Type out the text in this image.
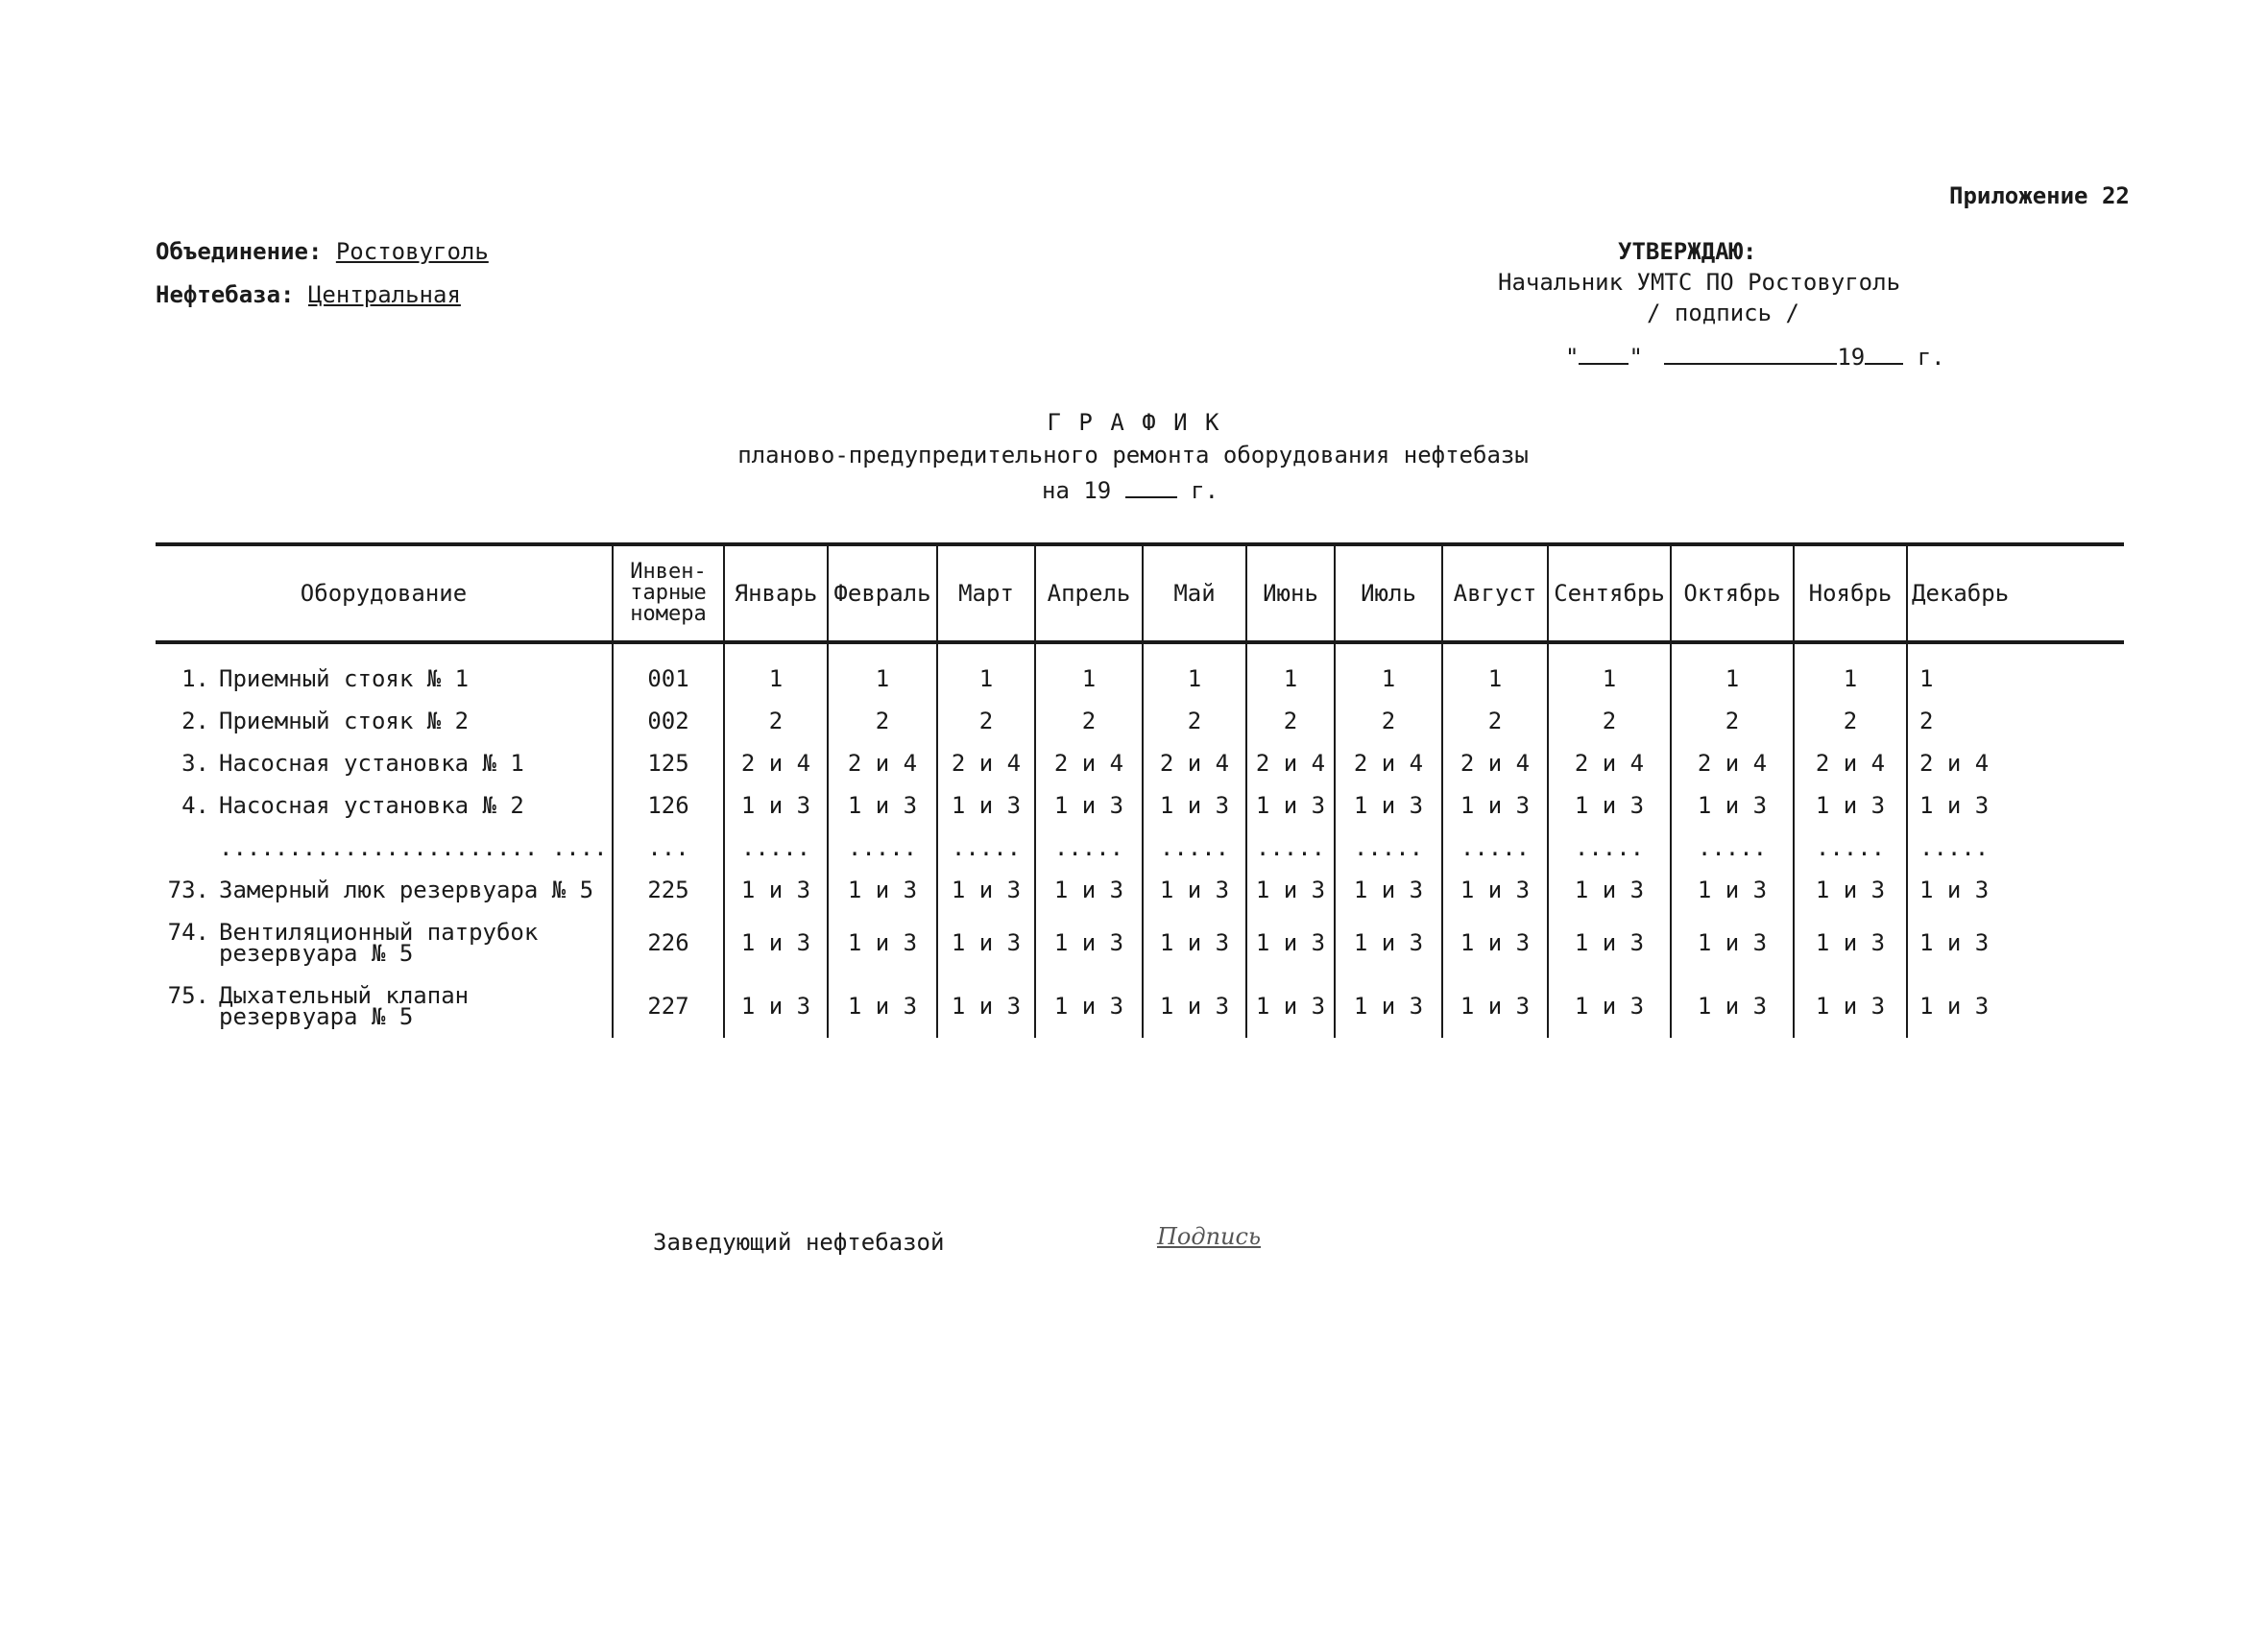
Приложение 22
Объединение: Ростовуголь
Нефтебаза: Центральная
УТВЕРЖДАЮ:
Начальник УМТС ПО Ростовуголь
/ подпись /
" "	19 г.
Г Р А Ф И К
планово-предупредительного ремонта оборудования нефтебазы
на 19	г.
Оборудование	Инвен-
тарные
номера	Январь	Февраль	Март	Апрель	Май	Июнь	Июль	Август	Сентябрь	Октябрь	Ноябрь	Декабрь
1. Приемный стояк № 1	001	1	1	1	1	1	1	1	1	1	1	1	1
2. Приемный стояк № 2	002	2	2	2	2	2	2	2	2	2	2	2	2
3. Насосная установка № 1	125	2 и 4	2 и 4	2 и 4	2 и 4	2 и 4	2 и 4	2 и 4	2 и 4	2 и 4	2 и 4	2 и 4	2 и 4
4. Насосная установка № 2	126	1 и 3	1 и 3	1 и 3	1 и 3	1 и 3	1 и 3	1 и 3	1 и 3	1 и 3	1 и 3	1 и 3	1 и 3
....................... ....	...	.....	.....	.....	.....	.....	.....	.....	.....	.....	.....	.....	.....
73. Замерный люк резервуара № 5	225	1 и 3	1 и 3	1 и 3	1 и 3	1 и 3	1 и 3	1 и 3	1 и 3	1 и 3	1 и 3	1 и 3	1 и 3
74. Вентиляционный патрубок резервуара № 5	226	1 и 3	1 и 3	1 и 3	1 и 3	1 и 3	1 и 3	1 и 3	1 и 3	1 и 3	1 и 3	1 и 3	1 и 3
75. Дыхательный клапан резервуара № 5	227	1 и 3	1 и 3	1 и 3	1 и 3	1 и 3	1 и 3	1 и 3	1 и 3	1 и 3	1 и 3	1 и 3	1 и 3
Заведующий нефтебазой	Подпись
